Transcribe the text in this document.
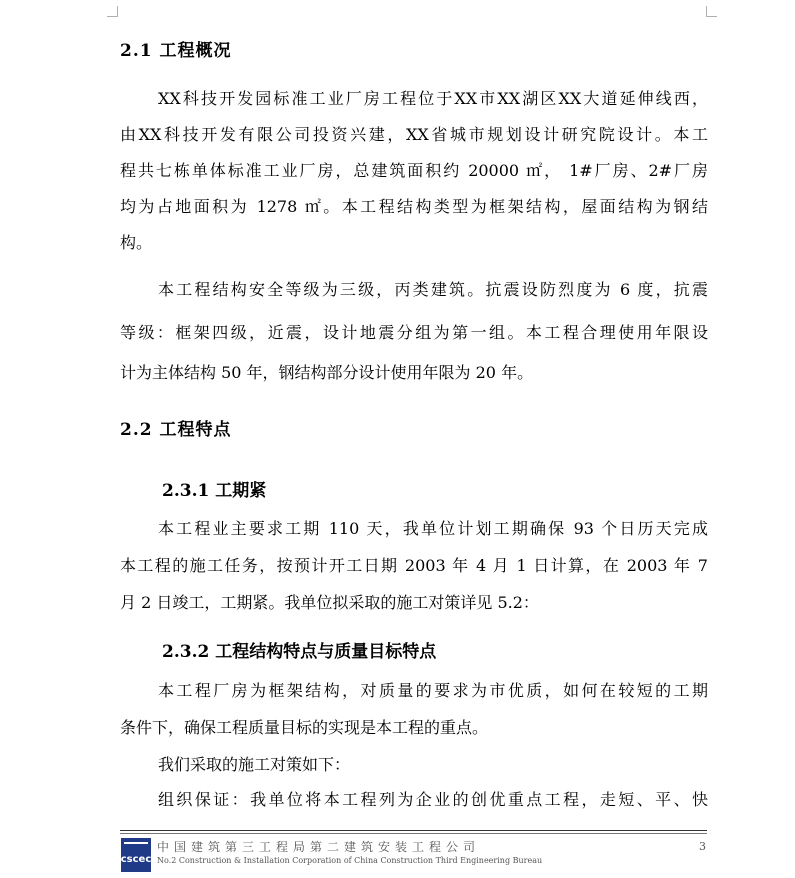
2.1 工程概况
XX科技开发园标准工业厂房工程位于XX市XX湖区XX大道延伸线西，
由XX科技开发有限公司投资兴建，XX省城市规划设计研究院设计。本工
程共七栋单体标准工业厂房，总建筑面积约 20000 ㎡， 1#厂房、2#厂房
均为占地面积为 1278 ㎡。本工程结构类型为框架结构，屋面结构为钢结
构。
本工程结构安全等级为三级，丙类建筑。抗震设防烈度为 6 度，抗震
等级：框架四级，近震，设计地震分组为第一组。本工程合理使用年限设
计为主体结构 50 年，钢结构部分设计使用年限为 20 年。
2.2 工程特点
2.3.1 工期紧
本工程业主要求工期 110 天，我单位计划工期确保 93 个日历天完成
本工程的施工任务，按预计开工日期 2003 年 4 月 1 日计算，在 2003 年 7
月 2 日竣工，工期紧。我单位拟采取的施工对策详见 5.2：
2.3.2 工程结构特点与质量目标特点
本工程厂房为框架结构，对质量的要求为市优质，如何在较短的工期
条件下，确保工程质量目标的实现是本工程的重点。
我们采取的施工对策如下：
组织保证：我单位将本工程列为企业的创优重点工程，走短、平、快
cscec
中国建筑第三工程局第二建筑安装工程公司
No.2 Construction & Installation Corporation of China Construction Third Engineering Bureau
3
